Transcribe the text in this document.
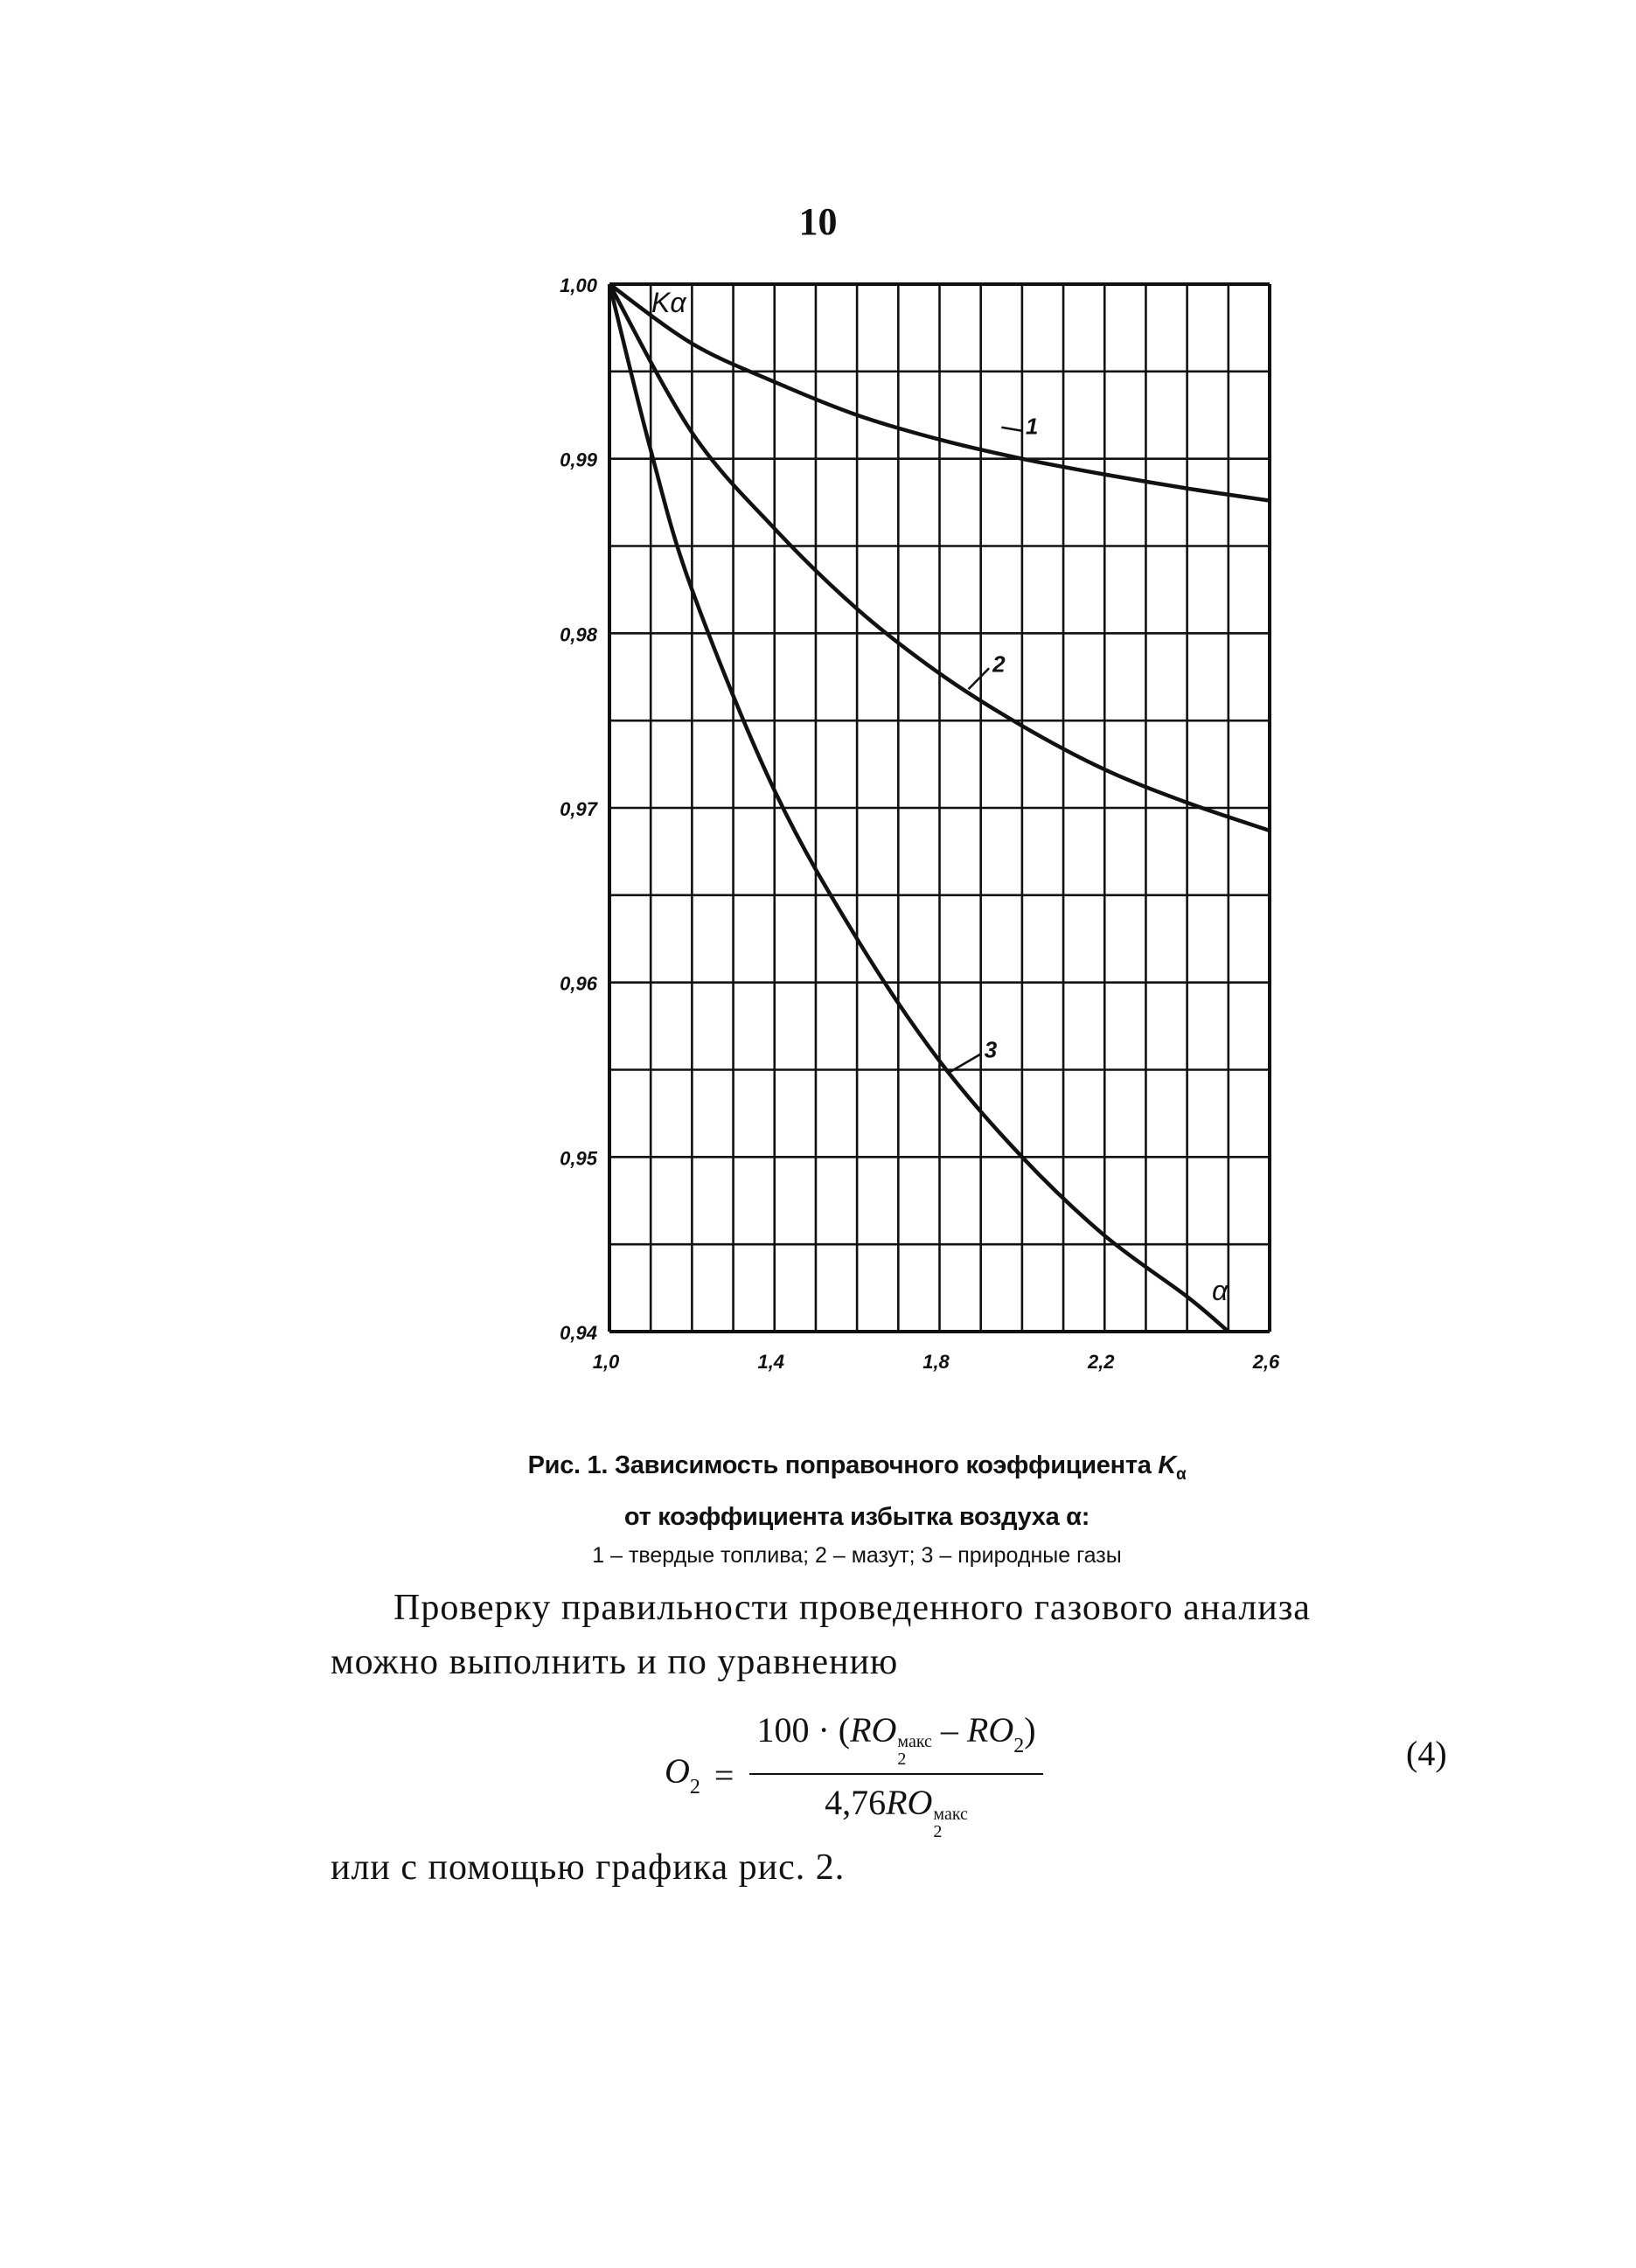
10
1,00
0,99
0,98
0,97
0,96
0,95
0,94
1,0	1,4	1,8	2,2	2,6
1
2
3
Kα
α
Рис. 1. Зависимость поправочного коэффициента $K_\alpha$
от коэффициента избытка воздуха α:
1 – твердые топлива; 2 – мазут; 3 – природные газы
Проверку правильности проведенного газового анализа
можно выполнить и по уравнению
$O_2 = 100 \cdot (RO$ макс
2
– $RO_2$)
4,76RO макс
2	(4)
или с помощью графика рис. 2.
